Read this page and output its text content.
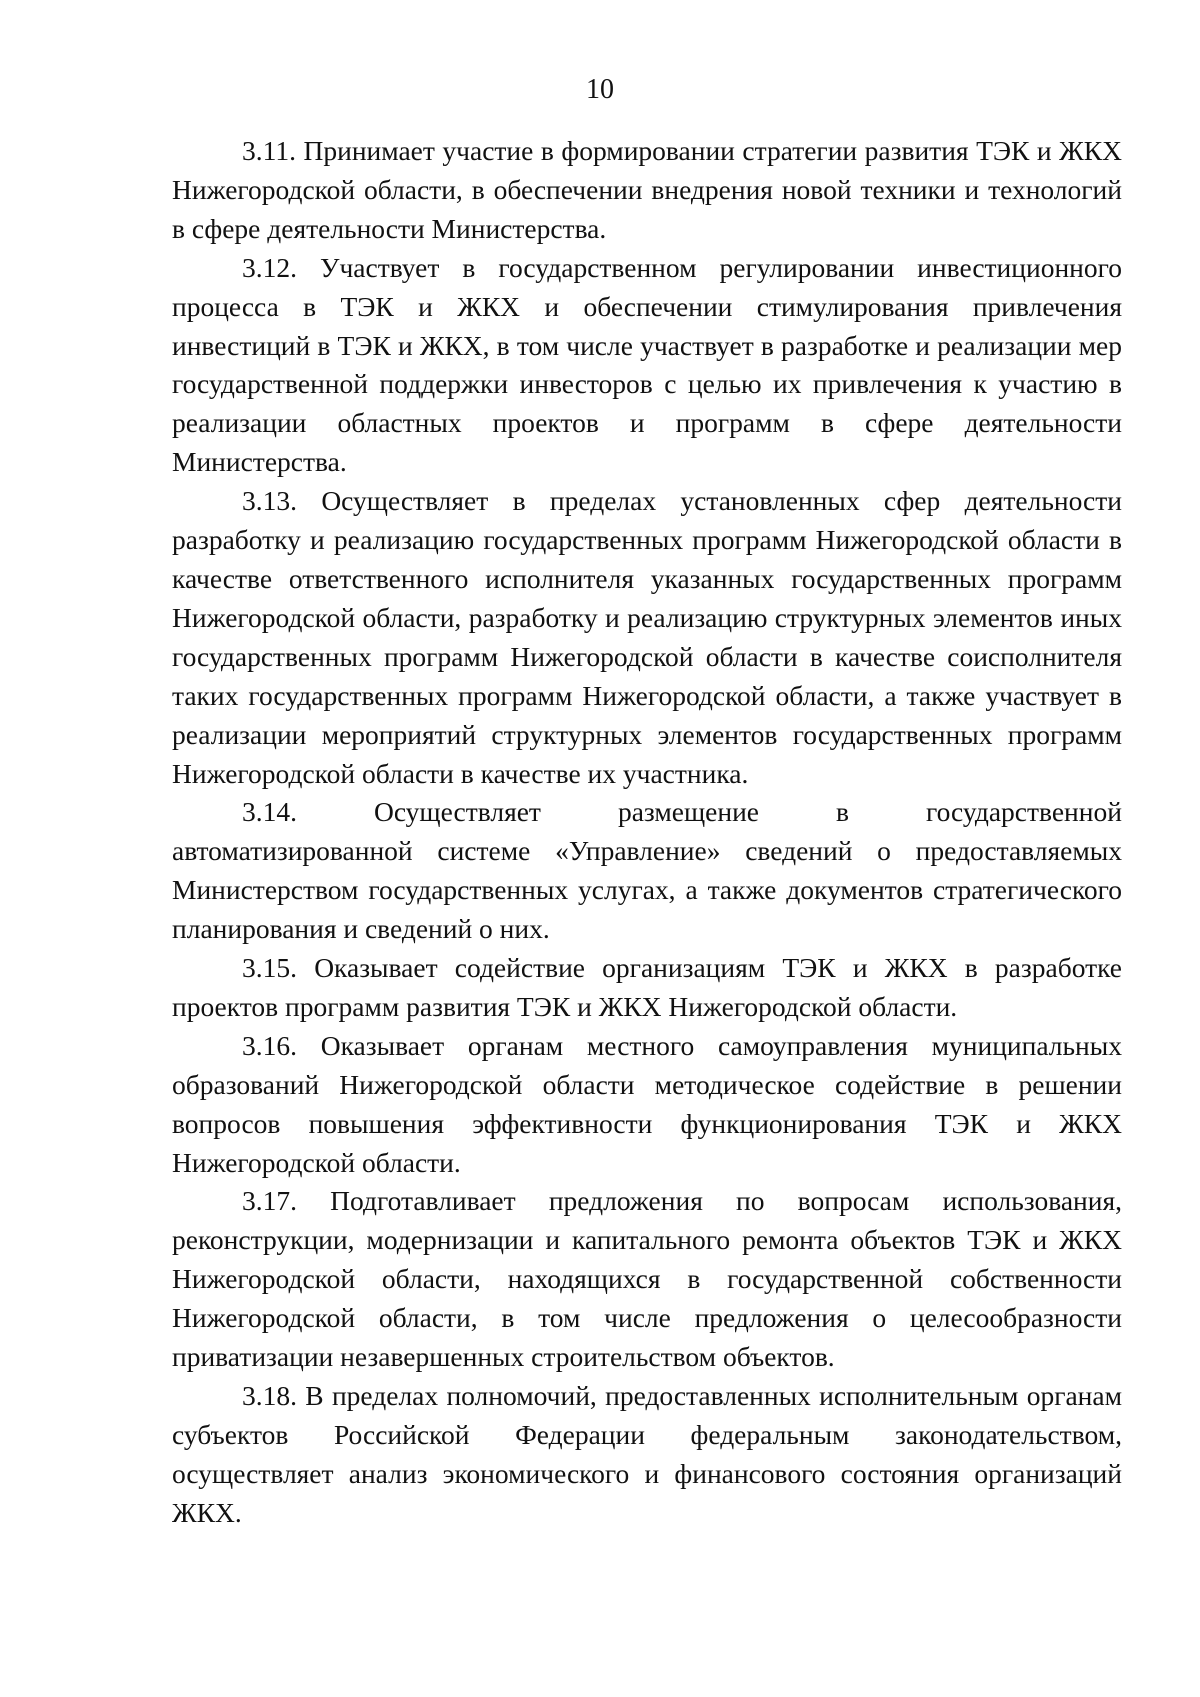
10

3.11. Принимает участие в формировании стратегии развития ТЭК и ЖКХ Нижегородской области, в обеспечении внедрения новой техники и технологий в сфере деятельности Министерства.

3.12. Участвует в государственном регулировании инвестиционного процесса в ТЭК и ЖКХ и обеспечении стимулирования привлечения инвестиций в ТЭК и ЖКХ, в том числе участвует в разработке и реализации мер государственной поддержки инвесторов с целью их привлечения к участию в реализации областных проектов и программ в сфере деятельности Министерства.

3.13. Осуществляет в пределах установленных сфер деятельности разработку и реализацию государственных программ Нижегородской области в качестве ответственного исполнителя указанных государственных программ Нижегородской области, разработку и реализацию структурных элементов иных государственных программ Нижегородской области в качестве соисполнителя таких государственных программ Нижегородской области, а также участвует в реализации мероприятий структурных элементов государственных программ Нижегородской области в качестве их участника.

3.14.	Осуществляет	размещение	в	государственной
автоматизированной системе «Управление» сведений о предоставляемых Министерством государственных услугах, а также документов стратегического планирования и сведений о них.

3.15. Оказывает содействие организациям ТЭК и ЖКХ в разработке проектов программ развития ТЭК и ЖКХ Нижегородской области.

3.16. Оказывает органам местного самоуправления муниципальных образований Нижегородской области методическое содействие в решении вопросов повышения эффективности функционирования ТЭК и ЖКХ Нижегородской области.

3.17. Подготавливает предложения по вопросам использования, реконструкции, модернизации и капитального ремонта объектов ТЭК и ЖКХ Нижегородской области, находящихся в государственной собственности Нижегородской области, в том числе предложения о целесообразности приватизации незавершенных строительством объектов.

3.18. В пределах полномочий, предоставленных исполнительным органам субъектов Российской Федерации федеральным законодательством, осуществляет анализ экономического и финансового состояния организаций ЖКХ.
